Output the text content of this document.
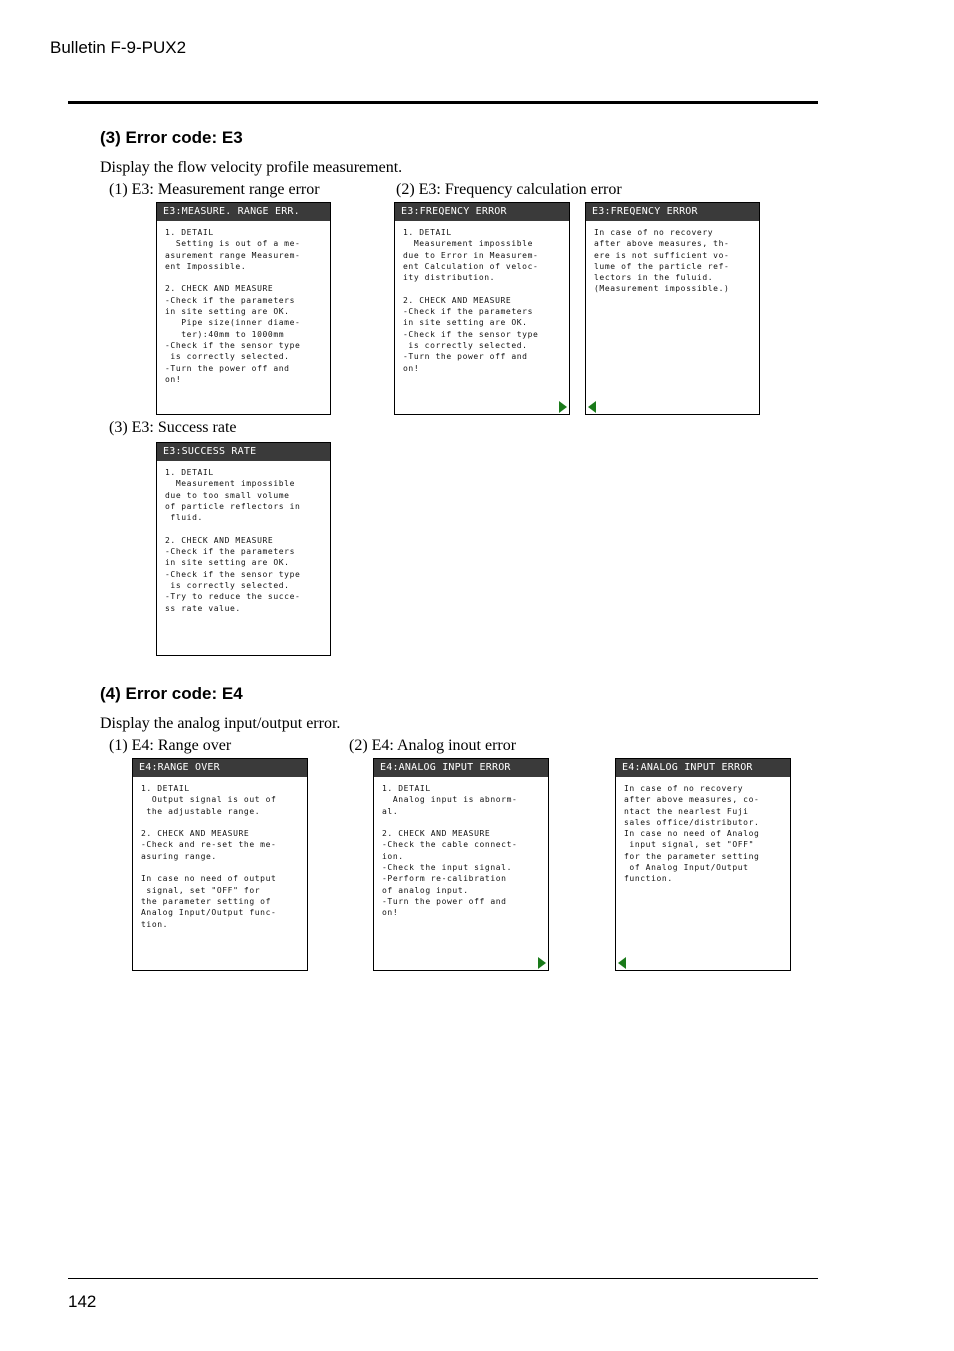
Bulletin F-9-PUX2
(3) Error code: E3
Display the flow velocity profile measurement.
(1) E3: Measurement range error	(2) E3: Frequency calculation error
E3:MEASURE. RANGE ERR.
1. DETAIL
Setting is out of a me-
asurement range Measurem-
ent Impossible.

2. CHECK AND MEASURE
-Check if the parameters
in site setting are OK.
Pipe size(inner diame-
ter):40mm to 1000mm
-Check if the sensor type
is correctly selected.
-Turn the power off and
on!
E3:FREQENCY ERROR
1. DETAIL
Measurement impossible
due to Error in Measurem-
ent Calculation of veloc-
ity distribution.

2. CHECK AND MEASURE
-Check if the parameters
in site setting are OK.
-Check if the sensor type
is correctly selected.
-Turn the power off and
on!
E3:FREQENCY ERROR
In case of no recovery
after above measures, th-
ere is not sufficient vo-
lume of the particle ref-
lectors in the fuluid.
(Measurement impossible.)
(3) E3: Success rate
E3:SUCCESS RATE
1. DETAIL
Measurement impossible
due to too small volume
of particle reflectors in
fluid.

2. CHECK AND MEASURE
-Check if the parameters
in site setting are OK.
-Check if the sensor type
is correctly selected.
-Try to reduce the succe-
ss rate value.
(4) Error code: E4
Display the analog input/output error.
(1) E4: Range over	(2) E4: Analog inout error
E4:RANGE OVER
1. DETAIL
Output signal is out of
the adjustable range.

2. CHECK AND MEASURE
-Check and re-set the me-
asuring range.

In case no need of output
signal, set "OFF" for
the parameter setting of
Analog Input/Output func-
tion.
E4:ANALOG INPUT ERROR
1. DETAIL
Analog input is abnorm-
al.

2. CHECK AND MEASURE
-Check the cable connect-
ion.
-Check the input signal.
-Perform re-calibration
of analog input.
-Turn the power off and
on!
E4:ANALOG INPUT ERROR
In case of no recovery
after above measures, co-
ntact the nearlest Fuji
sales office/distributor.
In case no need of Analog
input signal, set "OFF"
for the parameter setting
of Analog Input/Output
function.
142
